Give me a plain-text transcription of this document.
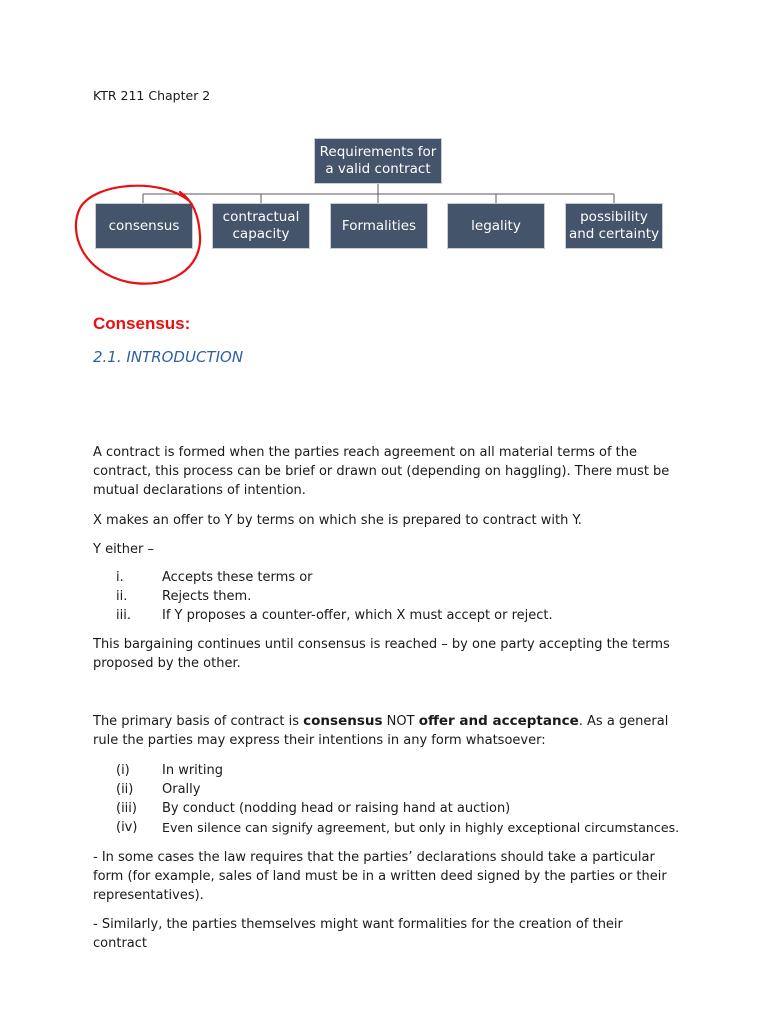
KTR 211 Chapter 2
Requirements for
a valid contract
consensus
contractual
capacity
Formalities	legality
possibility
and certainty
Consensus:
2.1. INTRODUCTION
A contract is formed when the parties reach agreement on all material terms of the contract, this process can be brief or drawn out (depending on haggling). There must be mutual declarations of intention.
X makes an offer to Y by terms on which she is prepared to contract with Y.
Y either –
i.	Accepts these terms or
ii.	Rejects them.
iii.	If Y proposes a counter-offer, which X must accept or reject.
This bargaining continues until consensus is reached – by one party accepting the terms proposed by the other.
The primary basis of contract is consensus NOT offer and acceptance. As a general rule the parties may express their intentions in any form whatsoever:
(i)	In writing
(ii)	Orally
(iii)	By conduct (nodding head or raising hand at auction)
(iv)	Even silence can signify agreement, but only in highly exceptional circumstances.
- In some cases the law requires that the parties’ declarations should take a particular form (for example, sales of land must be in a written deed signed by the parties or their representatives).
- Similarly, the parties themselves might want formalities for the creation of their contract
